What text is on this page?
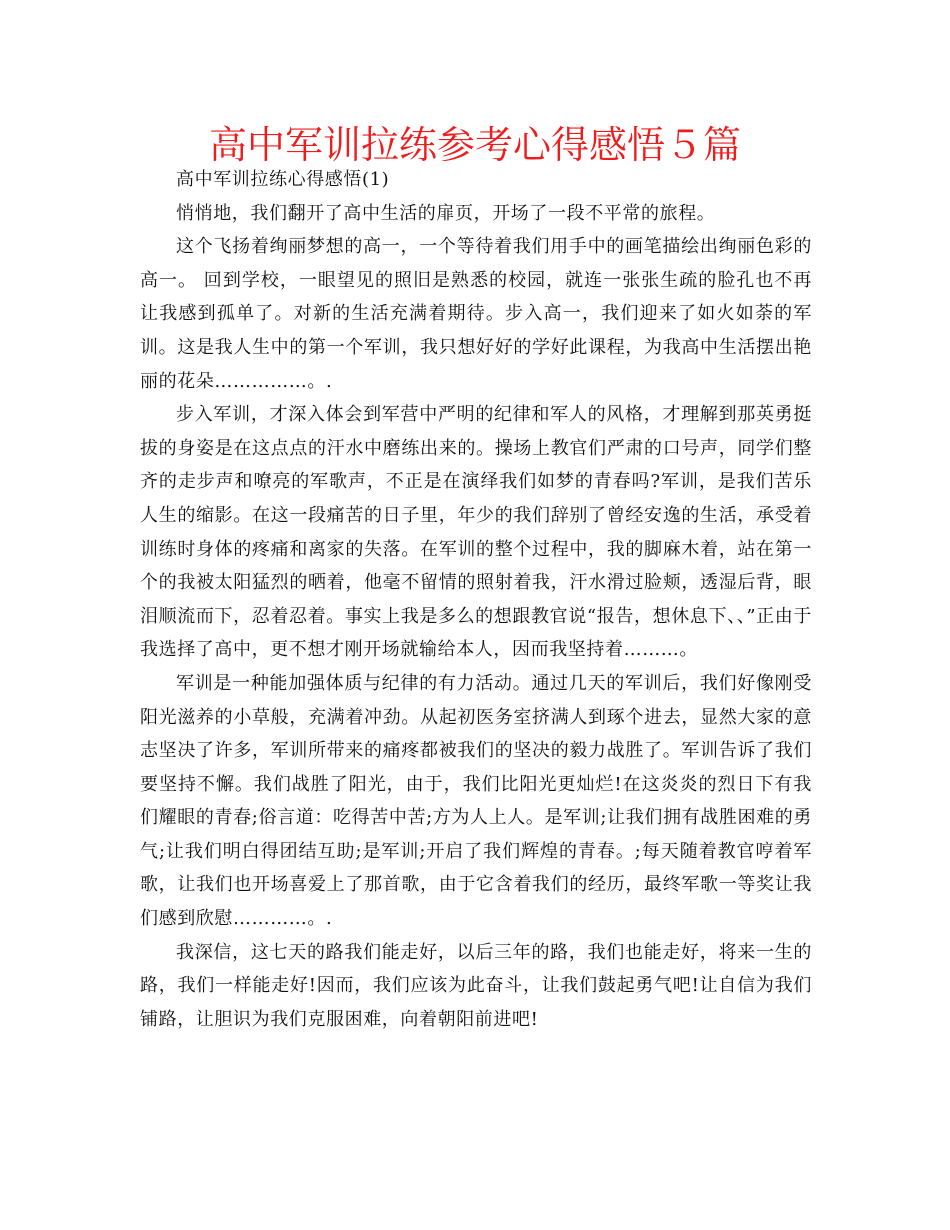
高中军训拉练参考心得感悟５篇

高中军训拉练心得感悟(1)

悄悄地，我们翻开了高中生活的扉页，开场了一段不平常的旅程。

这个飞扬着绚丽梦想的高一，一个等待着我们用手中的画笔描绘出绚丽色彩的高一。 回到学校，一眼望见的照旧是熟悉的校园，就连一张张生疏的脸孔也不再让我感到孤单了。对新的生活充满着期待。步入高一，我们迎来了如火如荼的军训。这是我人生中的第一个军训，我只想好好的学好此课程，为我高中生活摆出艳丽的花朵……………。.

步入军训，才深入体会到军营中严明的纪律和军人的风格，才理解到那英勇挺拔的身姿是在这点点的汗水中磨练出来的。操场上教官们严肃的口号声，同学们整齐的走步声和嘹亮的军歌声，不正是在演绎我们如梦的青春吗?军训，是我们苦乐人生的缩影。在这一段痛苦的日子里，年少的我们辞别了曾经安逸的生活，承受着训练时身体的疼痛和离家的失落。在军训的整个过程中，我的脚麻木着，站在第一个的我被太阳猛烈的晒着，他毫不留情的照射着我，汗水滑过脸颊，透湿后背，眼泪顺流而下，忍着忍着。事实上我是多么的想跟教官说“报告，想休息下、、”正由于我选择了高中，更不想才刚开场就输给本人，因而我坚持着………。

军训是一种能加强体质与纪律的有力活动。通过几天的军训后，我们好像刚受阳光滋养的小草般，充满着冲劲。从起初医务室挤满人到琢个进去，显然大家的意志坚决了许多，军训所带来的痛疼都被我们的坚决的毅力战胜了。军训告诉了我们要坚持不懈。我们战胜了阳光，由于，我们比阳光更灿烂!在这炎炎的烈日下有我们耀眼的青春;俗言道：吃得苦中苦;方为人上人。是军训;让我们拥有战胜困难的勇气;让我们明白得团结互助;是军训;开启了我们辉煌的青春。;每天随着教官哼着军歌，让我们也开场喜爱上了那首歌，由于它含着我们的经历，最终军歌一等奖让我们感到欣慰…………。.

我深信，这七天的路我们能走好，以后三年的路，我们也能走好，将来一生的路，我们一样能走好!因而，我们应该为此奋斗，让我们鼓起勇气吧!让自信为我们铺路，让胆识为我们克服困难，向着朝阳前进吧!
